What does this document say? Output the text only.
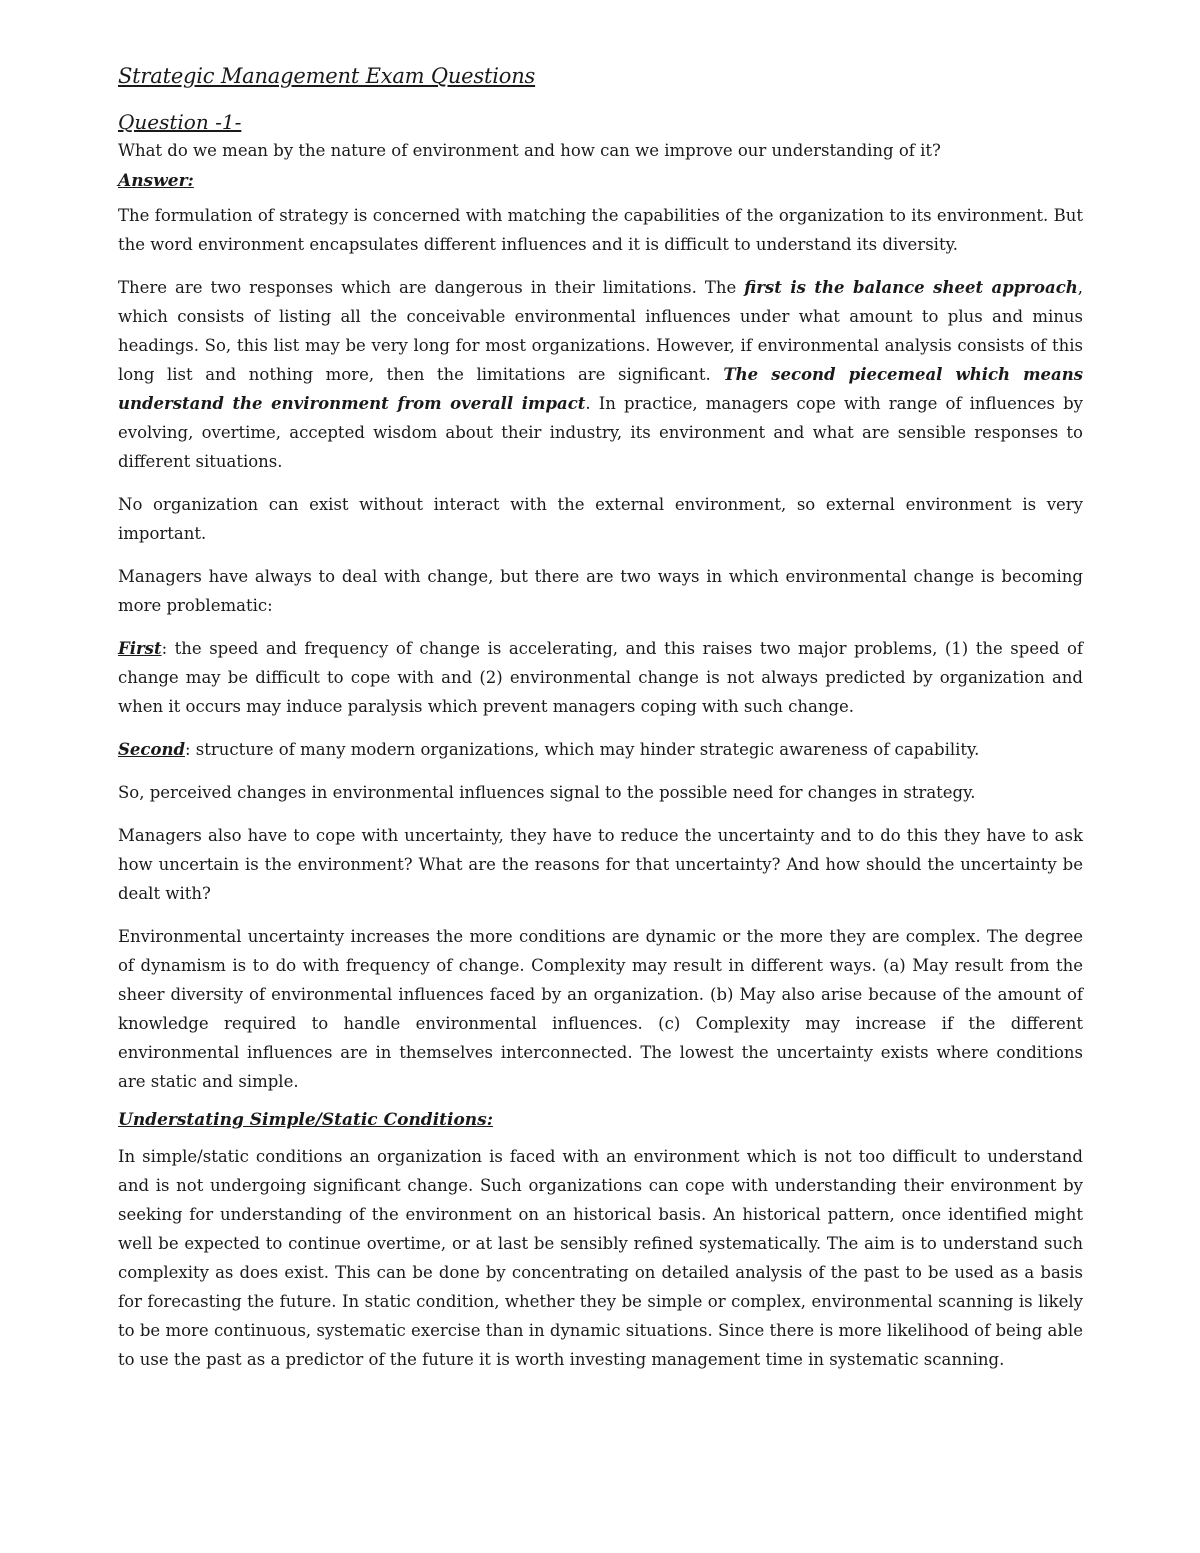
Strategic Management Exam Questions
Question -1-
What do we mean by the nature of environment and how can we improve our understanding of it?
Answer:

The formulation of strategy is concerned with matching the capabilities of the organization to its environment. But the word environment encapsulates different influences and it is difficult to understand its diversity.

There are two responses which are dangerous in their limitations. The first is the balance sheet approach, which consists of listing all the conceivable environmental influences under what amount to plus and minus headings. So, this list may be very long for most organizations. However, if environmental analysis consists of this long list and nothing more, then the limitations are significant. The second piecemeal which means understand the environment from overall impact. In practice, managers cope with range of influences by evolving, overtime, accepted wisdom about their industry, its environment and what are sensible responses to different situations.

No organization can exist without interact with the external environment, so external environment is very important.

Managers have always to deal with change, but there are two ways in which environmental change is becoming more problematic:

First: the speed and frequency of change is accelerating, and this raises two major problems, (1) the speed of change may be difficult to cope with and (2) environmental change is not always predicted by organization and when it occurs may induce paralysis which prevent managers coping with such change.

Second: structure of many modern organizations, which may hinder strategic awareness of capability.

So, perceived changes in environmental influences signal to the possible need for changes in strategy.

Managers also have to cope with uncertainty, they have to reduce the uncertainty and to do this they have to ask how uncertain is the environment? What are the reasons for that uncertainty? And how should the uncertainty be dealt with?

Environmental uncertainty increases the more conditions are dynamic or the more they are complex. The degree of dynamism is to do with frequency of change. Complexity may result in different ways. (a) May result from the sheer diversity of environmental influences faced by an organization. (b) May also arise because of the amount of knowledge required to handle environmental influences. (c) Complexity may increase if the different environmental influences are in themselves interconnected. The lowest the uncertainty exists where conditions are static and simple.

Understating Simple/Static Conditions:

In simple/static conditions an organization is faced with an environment which is not too difficult to understand and is not undergoing significant change. Such organizations can cope with understanding their environment by seeking for understanding of the environment on an historical basis. An historical pattern, once identified might well be expected to continue overtime, or at last be sensibly refined systematically. The aim is to understand such complexity as does exist. This can be done by concentrating on detailed analysis of the past to be used as a basis for forecasting the future. In static condition, whether they be simple or complex, environmental scanning is likely to be more continuous, systematic exercise than in dynamic situations. Since there is more likelihood of being able to use the past as a predictor of the future it is worth investing management time in systematic scanning.
